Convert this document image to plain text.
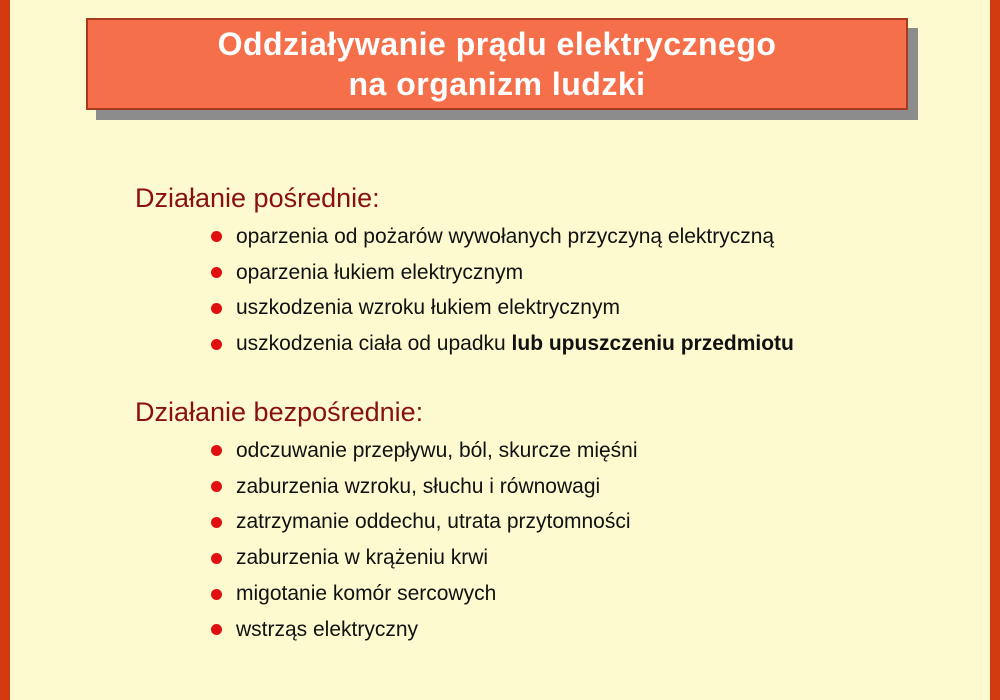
Oddziaływanie prądu elektrycznego
na organizm ludzki
Działanie pośrednie:
oparzenia od pożarów wywołanych przyczyną elektryczną
oparzenia łukiem elektrycznym
uszkodzenia wzroku łukiem elektrycznym
uszkodzenia ciała od upadku lub upuszczeniu przedmiotu
Działanie bezpośrednie:
odczuwanie przepływu, ból, skurcze mięśni
zaburzenia wzroku, słuchu i równowagi
zatrzymanie oddechu, utrata przytomności
zaburzenia w krążeniu krwi
migotanie komór sercowych
wstrząs elektryczny
